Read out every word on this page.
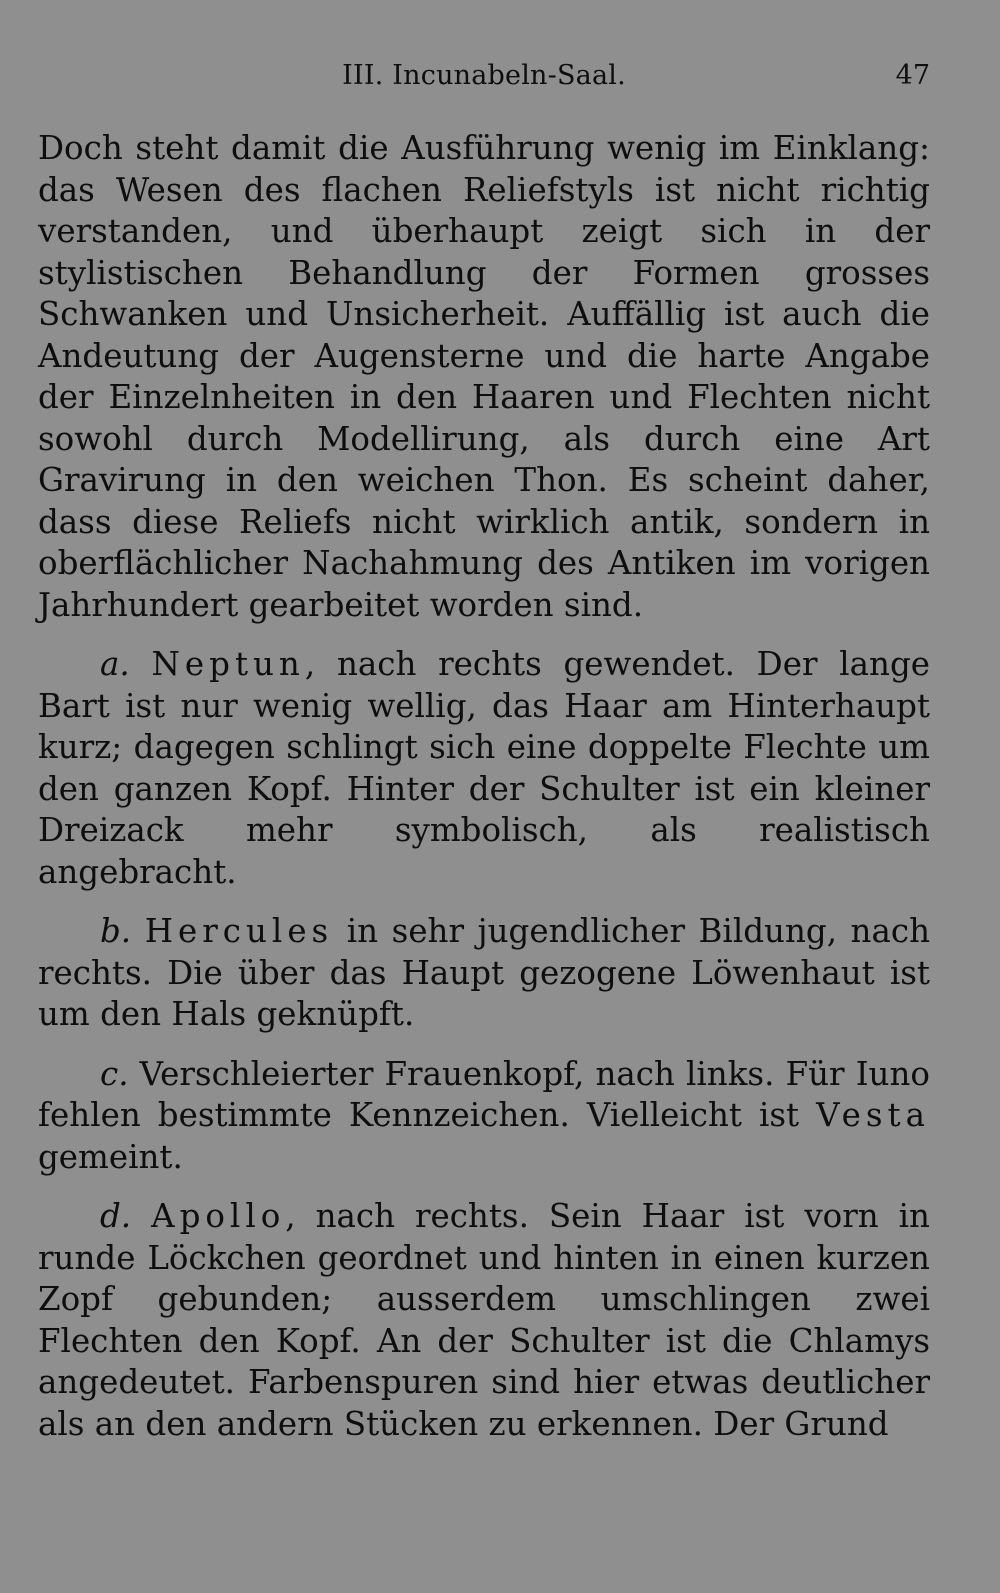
III. Incunabeln-Saal.	47

Doch steht damit die Ausführung wenig im Einklang: das Wesen des flachen Reliefstyls ist nicht richtig verstanden, und überhaupt zeigt sich in der stylistischen Behandlung der Formen grosses Schwanken und Unsicherheit. Auffällig ist auch die Andeutung der Augensterne und die harte Angabe der Einzelnheiten in den Haaren und Flechten nicht sowohl durch Modellirung, als durch eine Art Gravirung in den weichen Thon. Es scheint daher, dass diese Reliefs nicht wirklich antik, sondern in oberflächlicher Nachahmung des Antiken im vorigen Jahrhundert gearbeitet worden sind.

a. Neptun, nach rechts gewendet. Der lange Bart ist nur wenig wellig, das Haar am Hinterhaupt kurz; dagegen schlingt sich eine doppelte Flechte um den ganzen Kopf. Hinter der Schulter ist ein kleiner Dreizack mehr symbolisch, als realistisch angebracht.

b. Hercules in sehr jugendlicher Bildung, nach rechts. Die über das Haupt gezogene Löwenhaut ist um den Hals geknüpft.

c. Verschleierter Frauenkopf, nach links. Für Iuno fehlen bestimmte Kennzeichen. Vielleicht ist Vesta gemeint.

d. Apollo, nach rechts. Sein Haar ist vorn in runde Löckchen geordnet und hinten in einen kurzen Zopf gebunden; ausserdem umschlingen zwei Flechten den Kopf. An der Schulter ist die Chlamys angedeutet. Farbenspuren sind hier etwas deutlicher als an den andern Stücken zu erkennen. Der Grund
